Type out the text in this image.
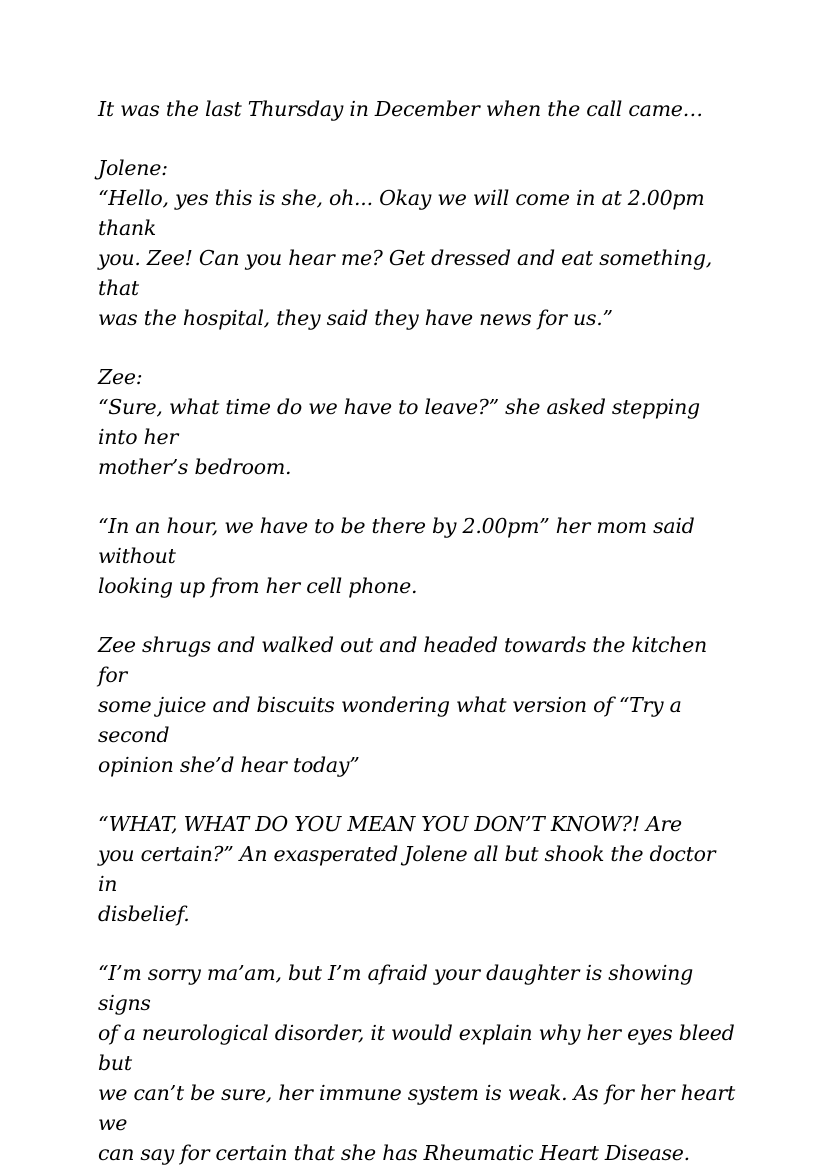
It was the last Thursday in December when the call came…

Jolene:
“Hello, yes this is she, oh... Okay we will come in at 2.00pm thank
you. Zee! Can you hear me? Get dressed and eat something, that
was the hospital, they said they have news for us.”

Zee:
“Sure, what time do we have to leave?” she asked stepping into her
mother’s bedroom.

“In an hour, we have to be there by 2.00pm” her mom said without
looking up from her cell phone.

Zee shrugs and walked out and headed towards the kitchen for
some juice and biscuits wondering what version of “Try a second
opinion she’d hear today”

“WHAT, WHAT DO YOU MEAN YOU DON’T KNOW?! Are
you certain?” An exasperated Jolene all but shook the doctor in
disbelief.

“I’m sorry ma’am, but I’m afraid your daughter is showing signs
of a neurological disorder, it would explain why her eyes bleed but
we can’t be sure, her immune system is weak. As for her heart we
can say for certain that she has Rheumatic Heart Disease.
